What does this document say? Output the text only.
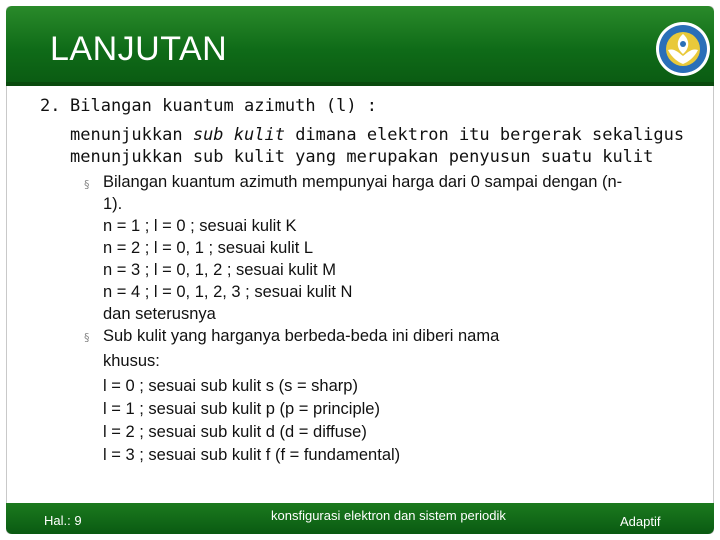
LANJUTAN
2. Bilangan kuantum azimuth (l) :
menunjukkan sub kulit dimana elektron itu bergerak sekaligus
menunjukkan sub kulit yang merupakan penyusun suatu kulit
§ Bilangan kuantum azimuth mempunyai harga dari 0 sampai dengan (n-
1).
n = 1 ; l = 0 ; sesuai kulit K
n = 2 ; l = 0, 1 ; sesuai kulit L
n = 3 ; l = 0, 1, 2 ; sesuai kulit M
n = 4 ; l = 0, 1, 2, 3 ; sesuai kulit N
dan seterusnya
§ Sub kulit yang harganya berbeda-beda ini diberi nama
khusus:
l = 0 ; sesuai sub kulit s (s = sharp)
l = 1 ; sesuai sub kulit p (p = principle)
l = 2 ; sesuai sub kulit d (d = diffuse)
l = 3 ; sesuai sub kulit f (f = fundamental)
Hal.: 9	konsfigurasi elektron dan sistem periodik	Adaptif
